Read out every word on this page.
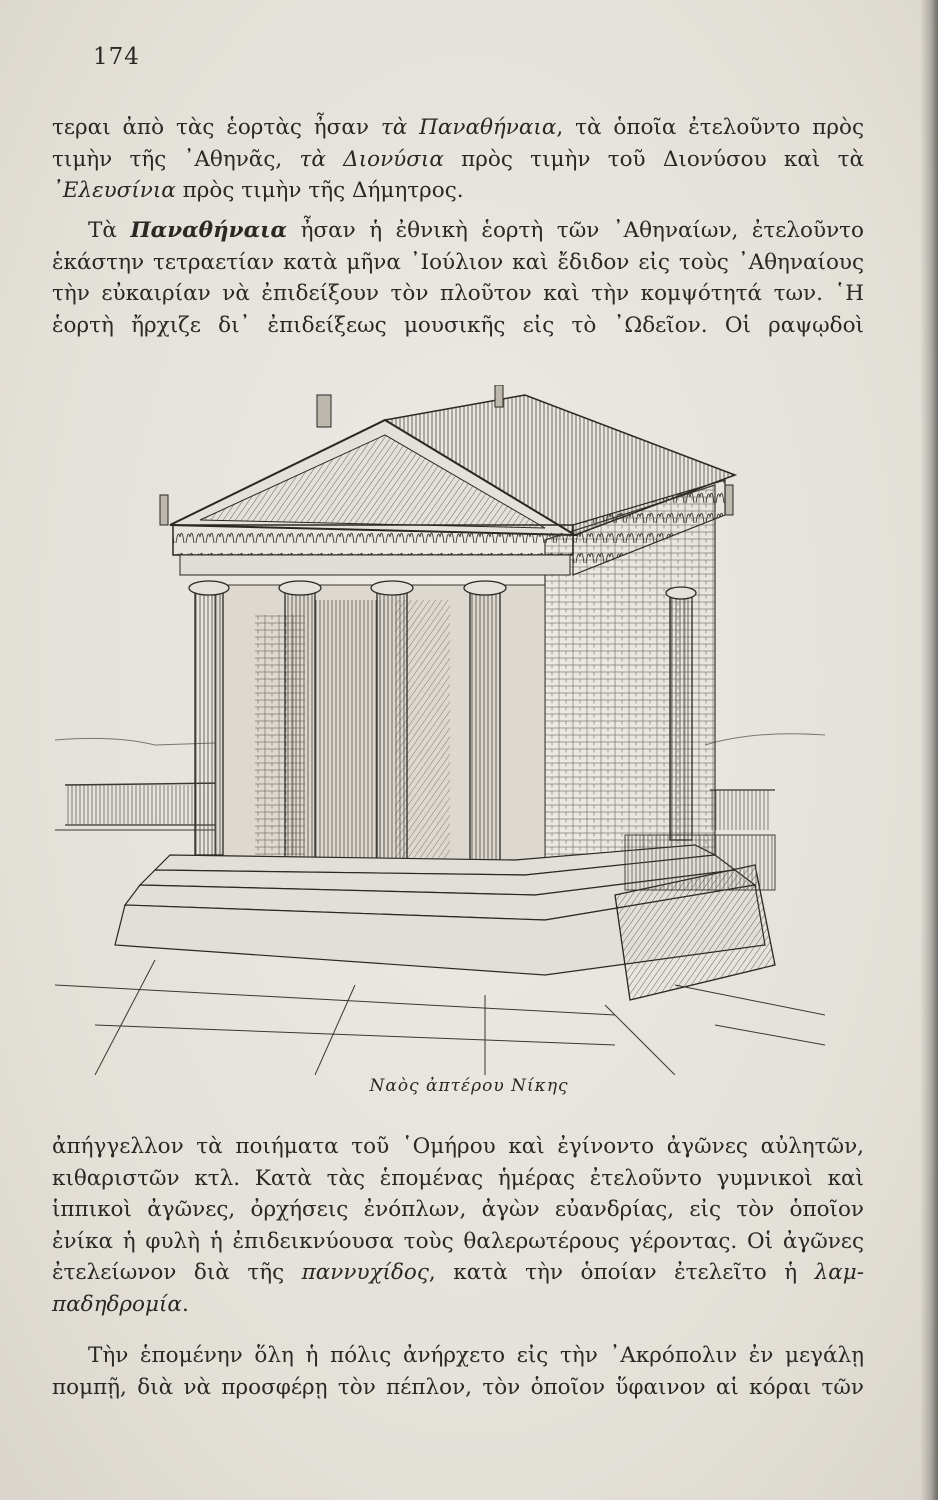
174
τεραι ἀπὸ τὰς ἑορτὰς ἦσαν τὰ Παναθήναια, τὰ ὁποῖα ἐτελοῦντο πρὸς
τιμὴν τῆς ᾿Αθηνᾶς, τὰ Διονύσια πρὸς τιμὴν τοῦ Διονύσου καὶ τὰ
᾿Ελευσίνια πρὸς τιμὴν τῆς Δήμητρος.
Τὰ Παναθήναια ἦσαν ἡ ἐθνικὴ ἑορτὴ τῶν ᾿Αθηναίων, ἐτελοῦντο
ἑκάστην τετραετίαν κατὰ μῆνα ᾿Ιούλιον καὶ ἔδιδον εἰς τοὺς ᾿Αθηναίους
τὴν εὐκαιρίαν νὰ ἐπιδείξουν τὸν πλοῦτον καὶ τὴν κομψότητά των. ῾Η
ἑορτὴ ἤρχιζε δι᾿ ἐπιδείξεως μουσικῆς εἰς τὸ ᾿Ωδεῖον. Οἱ ραψῳδοὶ
Ναὸς ἀπτέρου Νίκης
ἀπήγγελλον τὰ ποιήματα τοῦ ῾Ομήρου καὶ ἐγίνοντο ἀγῶνες αὐλητῶν,
κιθαριστῶν κτλ. Κατὰ τὰς ἑπομένας ἡμέρας ἐτελοῦντο γυμνικοὶ καὶ
ἱππικοὶ ἀγῶνες, ὀρχήσεις ἐνόπλων, ἀγὼν εὐανδρίας, εἰς τὸν ὁποῖον
ἐνίκα ἡ φυλὴ ἡ ἐπιδεικνύουσα τοὺς θαλερωτέρους γέροντας. Οἱ ἀγῶνες
ἐτελείωνον διὰ τῆς παννυχίδος, κατὰ τὴν ὁποίαν ἐτελεῖτο ἡ λαμ-
παδηδρομία.
Τὴν ἑπομένην ὅλη ἡ πόλις ἀνήρχετο εἰς τὴν ᾿Ακρόπολιν ἐν μεγάλῃ
πομπῇ, διὰ νὰ προσφέρῃ τὸν πέπλον, τὸν ὁποῖον ὕφαινον αἱ κόραι τῶν
